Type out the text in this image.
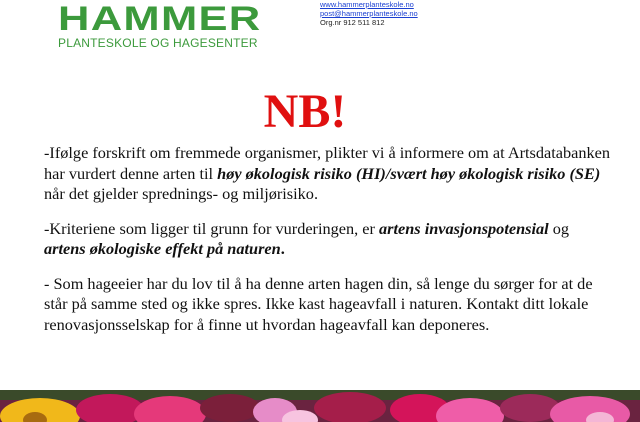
HAMMER
PLANTESKOLE OG HAGESENTER
www.hammerplanteskole.no
post@hammerplanteskole.no
Org.nr 912 511 812
NB!

-Ifølge forskrift om fremmede organismer, plikter vi å informere om at Artsdatabanken har vurdert denne arten til høy økologisk risiko (HI)/svært høy økologisk risiko (SE) når det gjelder sprednings- og miljørisiko.

-Kriteriene som ligger til grunn for vurderingen, er artens invasjonspotensial og artens økologiske effekt på naturen.

- Som hageeier har du lov til å ha denne arten hagen din, så lenge du sørger for at de står på samme sted og ikke spres. Ikke kast hageavfall i naturen. Kontakt ditt lokale renovasjonsselskap for å finne ut hvordan hageavfall kan deponeres.
